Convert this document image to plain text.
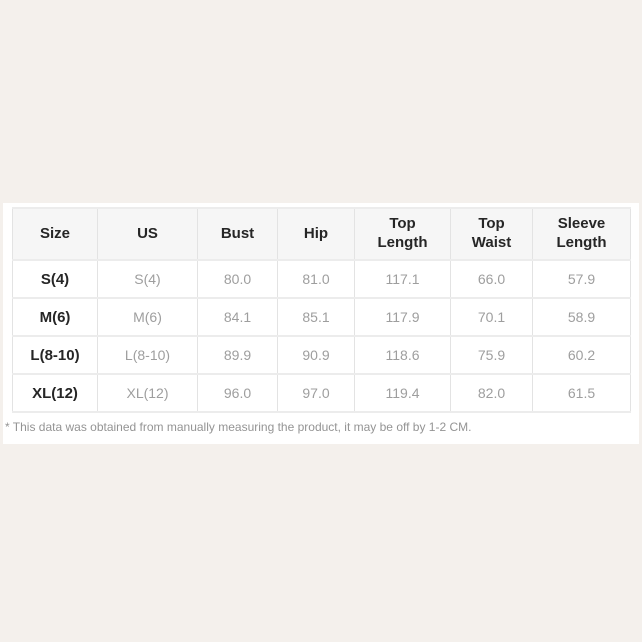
Size	US	Bust	Hip	Top Length	Top Waist	Sleeve Length
S(4)	S(4)	80.0	81.0	117.1	66.0	57.9
M(6)	M(6)	84.1	85.1	117.9	70.1	58.9
L(8-10)	L(8-10)	89.9	90.9	118.6	75.9	60.2
XL(12)	XL(12)	96.0	97.0	119.4	82.0	61.5
* This data was obtained from manually measuring the product, it may be off by 1-2 CM.
